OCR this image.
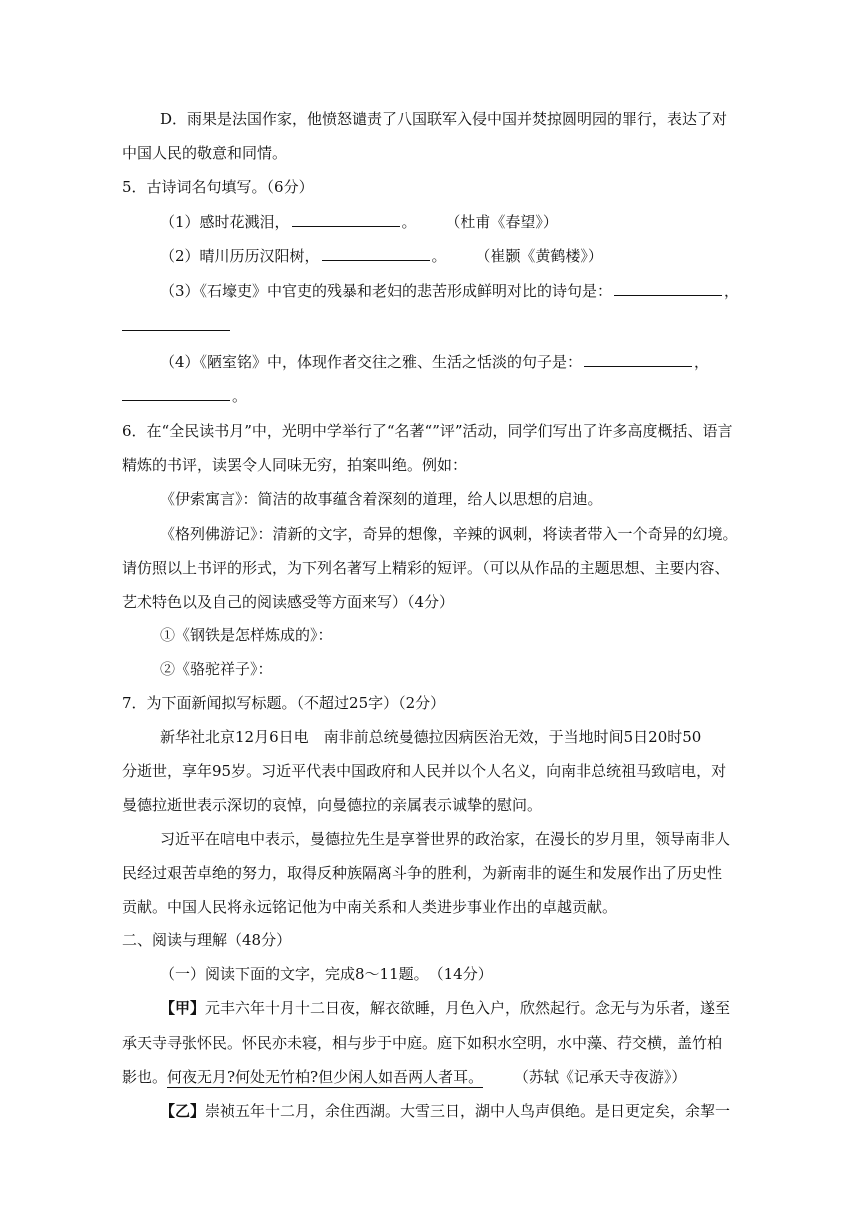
D．雨果是法国作家，他愤怒谴责了八国联军入侵中国并焚掠圆明园的罪行，表达了对
中国人民的敬意和同情。
5．古诗词名句填写。（6分）
（1）感时花溅泪，	。 （杜甫《春望》）
（2）晴川历历汉阳树，	。 （崔颢《黄鹤楼》）
（3）《石壕吏》中官吏的残暴和老妇的悲苦形成鲜明对比的诗句是：	，
（4）《陋室铭》中，体现作者交往之雅、生活之恬淡的句子是：	，
。
6．在“全民读书月”中，光明中学举行了“名著“”评”活动，同学们写出了许多高度概括、语言
精炼的书评，读罢令人同味无穷，拍案叫绝。例如：
《伊索寓言》：简洁的故事蕴含着深刻的道理，给人以思想的启迪。
《格列佛游记》：清新的文字，奇异的想像，辛辣的讽刺，将读者带入一个奇异的幻境。
请仿照以上书评的形式，为下列名著写上精彩的短评。（可以从作品的主题思想、主要内容、
艺术特色以及自己的阅读感受等方面来写）（4分）
①《钢铁是怎样炼成的》：
②《骆驼祥子》：
7．为下面新闻拟写标题。（不超过25字）（2分）
新华社北京12月6日电　南非前总统曼德拉因病医治无效，于当地时间5日20时50
分逝世，享年95岁。习近平代表中国政府和人民并以个人名义，向南非总统祖马致唁电，对
曼德拉逝世表示深切的哀悼，向曼德拉的亲属表示诚挚的慰问。
习近平在唁电中表示，曼德拉先生是享誉世界的政治家，在漫长的岁月里，领导南非人
民经过艰苦卓绝的努力，取得反种族隔离斗争的胜利，为新南非的诞生和发展作出了历史性
贡献。中国人民将永远铭记他为中南关系和人类进步事业作出的卓越贡献。
二、阅读与理解（48分）
（一）阅读下面的文字，完成8～11题。　（14分）
【甲】元丰六年十月十二日夜，解衣欲睡，月色入户，欣然起行。念无与为乐者，遂至
承天寺寻张怀民。怀民亦未寝，相与步于中庭。庭下如积水空明，水中藻、荇交横，盖竹柏
影也。何夜无月?何处无竹柏?但少闲人如吾两人者耳。 （苏轼《记承天寺夜游》）
【乙】崇祯五年十二月，余住西湖。大雪三日，湖中人鸟声俱绝。是日更定矣，余挈一
